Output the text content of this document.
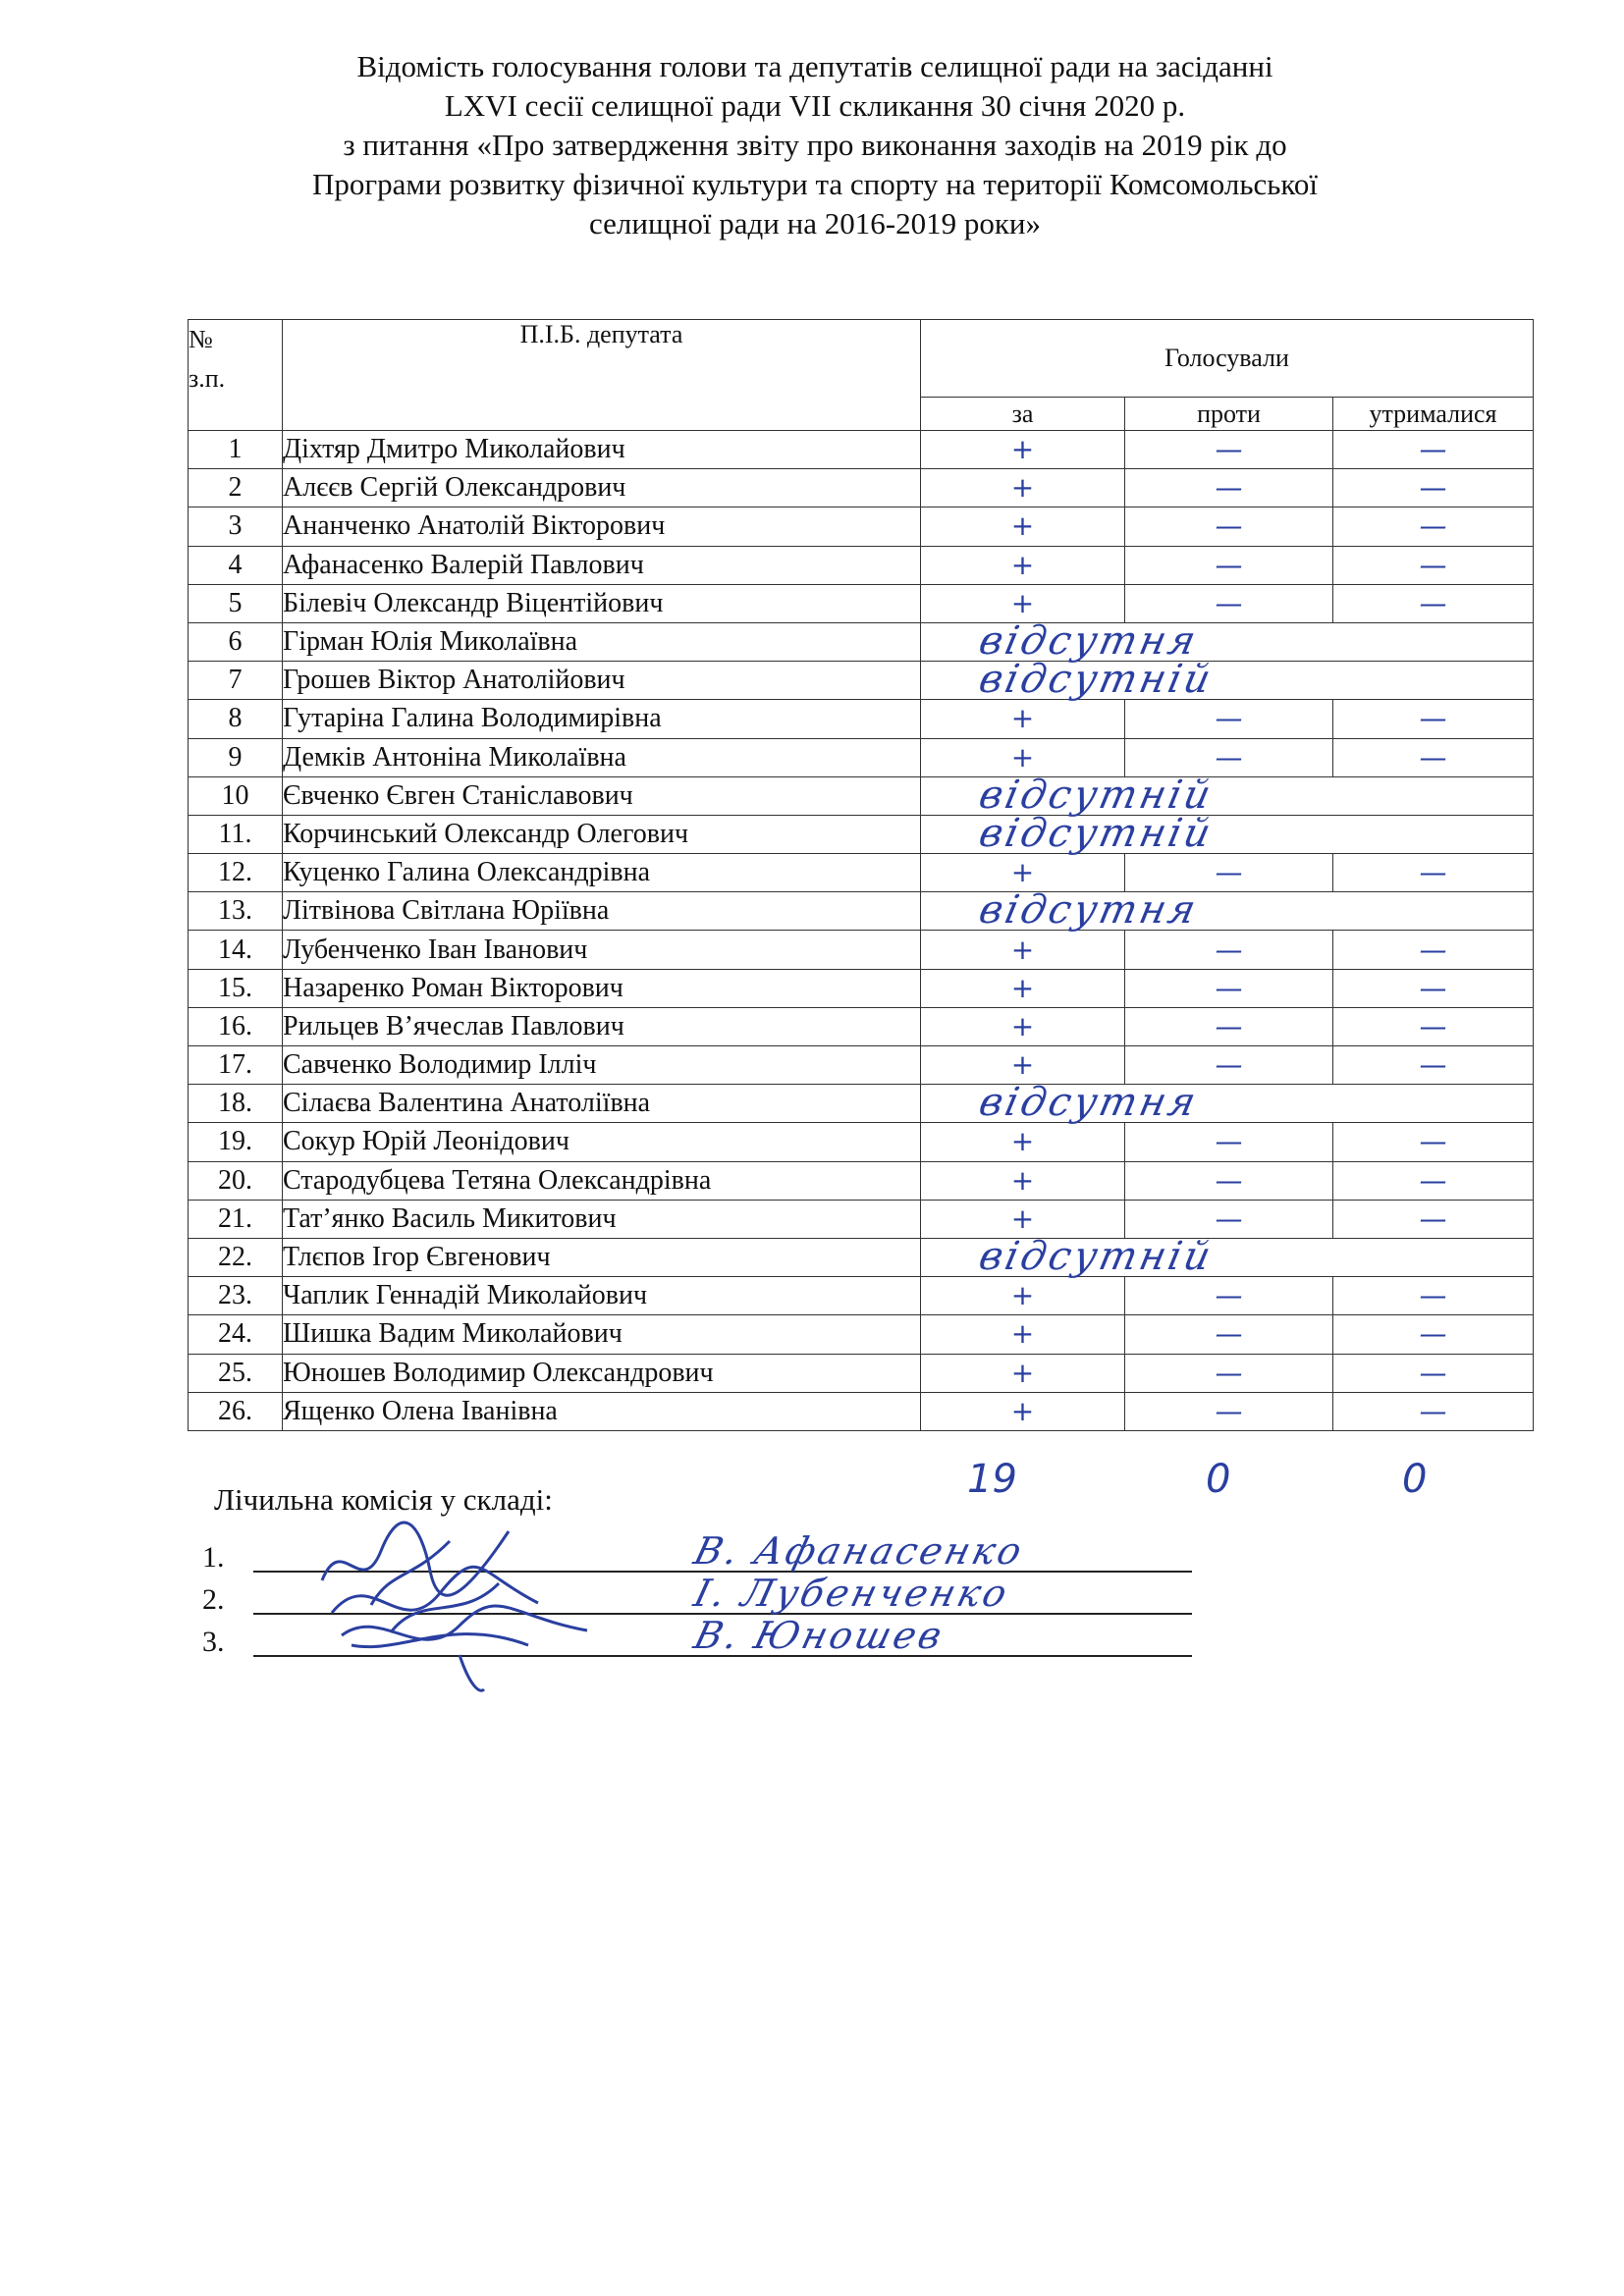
Відомість голосування голови та депутатів селищної ради на засіданні
LXVI сесії селищної ради VII скликання 30 січня 2020 р.
з питання «Про затвердження звіту про виконання заходів на 2019 рік до
Програми розвитку фізичної культури та спорту на території Комсомольської
селищної ради на 2016-2019 роки»
№
з.п.	П.І.Б. депутата	Голосували		
		за	проти	утрималися
1	Діхтяр Дмитро Миколайович	+	—	—
2	Алєєв Сергій Олександрович	+	—	—
3	Ананченко Анатолій Вікторович	+	—	—
4	Афанасенко Валерій Павлович	+	—	—
5	Білевіч Олександр Віцентійович	+	—	—
6	Гірман Юлія Миколаївна	відсутня		

7	Грошев Віктор Анатолійович	відсутній		

8	Гутаріна Галина Володимирівна	+	—	—
9	Демків Антоніна Миколаївна	+	—	—
10	Євченко Євген Станіславович	відсутній		

11.	Корчинський Олександр Олегович	відсутній		

12.	Куценко Галина Олександрівна	+	—	—
13.	Літвінова Світлана Юріївна	відсутня		

14.	Лубенченко Іван Іванович	+	—	—
15.	Назаренко Роман Вікторович	+	—	—
16.	Рильцев В’ячеслав Павлович	+	—	—
17.	Савченко Володимир Ілліч	+	—	—
18.	Сілаєва Валентина Анатоліївна	відсутня		

19.	Сокур Юрій Леонідович	+	—	—
20.	Стародубцева Тетяна Олександрівна	+	—	—
21.	Тат’янко Василь Микитович	+	—	—
22.	Тлєпов Ігор Євгенович	відсутній		

23.	Чаплик Геннадій Миколайович	+	—	—
24.	Шишка Вадим Миколайович	+	—	—
25.	Юношев Володимир Олександрович	+	—	—
26.	Ященко Олена Іванівна	+	—	—
19	0	0
Лічильна комісія у складі:
1.	В. Афанасенко
2.	І. Лубенченко
3.	В. Юношев
